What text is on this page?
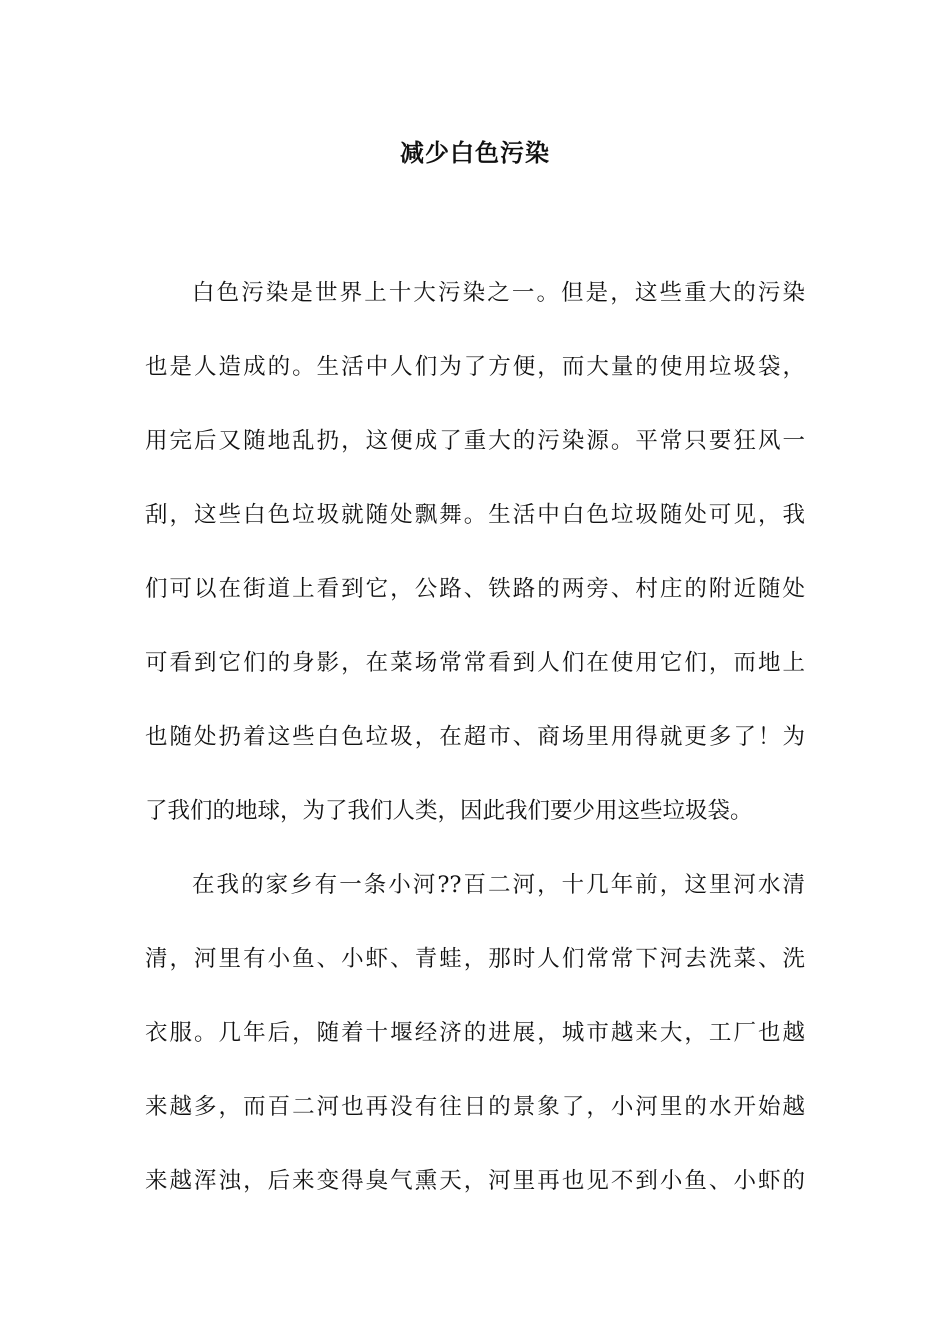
减少白色污染
白色污染是世界上十大污染之一。但是，这些重大的污染
也是人造成的。生活中人们为了方便，而大量的使用垃圾袋，
用完后又随地乱扔，这便成了重大的污染源。平常只要狂风一
刮，这些白色垃圾就随处飘舞。生活中白色垃圾随处可见，我
们可以在街道上看到它，公路、铁路的两旁、村庄的附近随处
可看到它们的身影，在菜场常常看到人们在使用它们，而地上
也随处扔着这些白色垃圾，在超市、商场里用得就更多了！为
了我们的地球，为了我们人类，因此我们要少用这些垃圾袋。
在我的家乡有一条小河??百二河，十几年前，这里河水清
清，河里有小鱼、小虾、青蛙，那时人们常常下河去洗菜、洗
衣服。几年后，随着十堰经济的进展，城市越来大，工厂也越
来越多，而百二河也再没有往日的景象了，小河里的水开始越
来越浑浊，后来变得臭气熏天，河里再也见不到小鱼、小虾的
